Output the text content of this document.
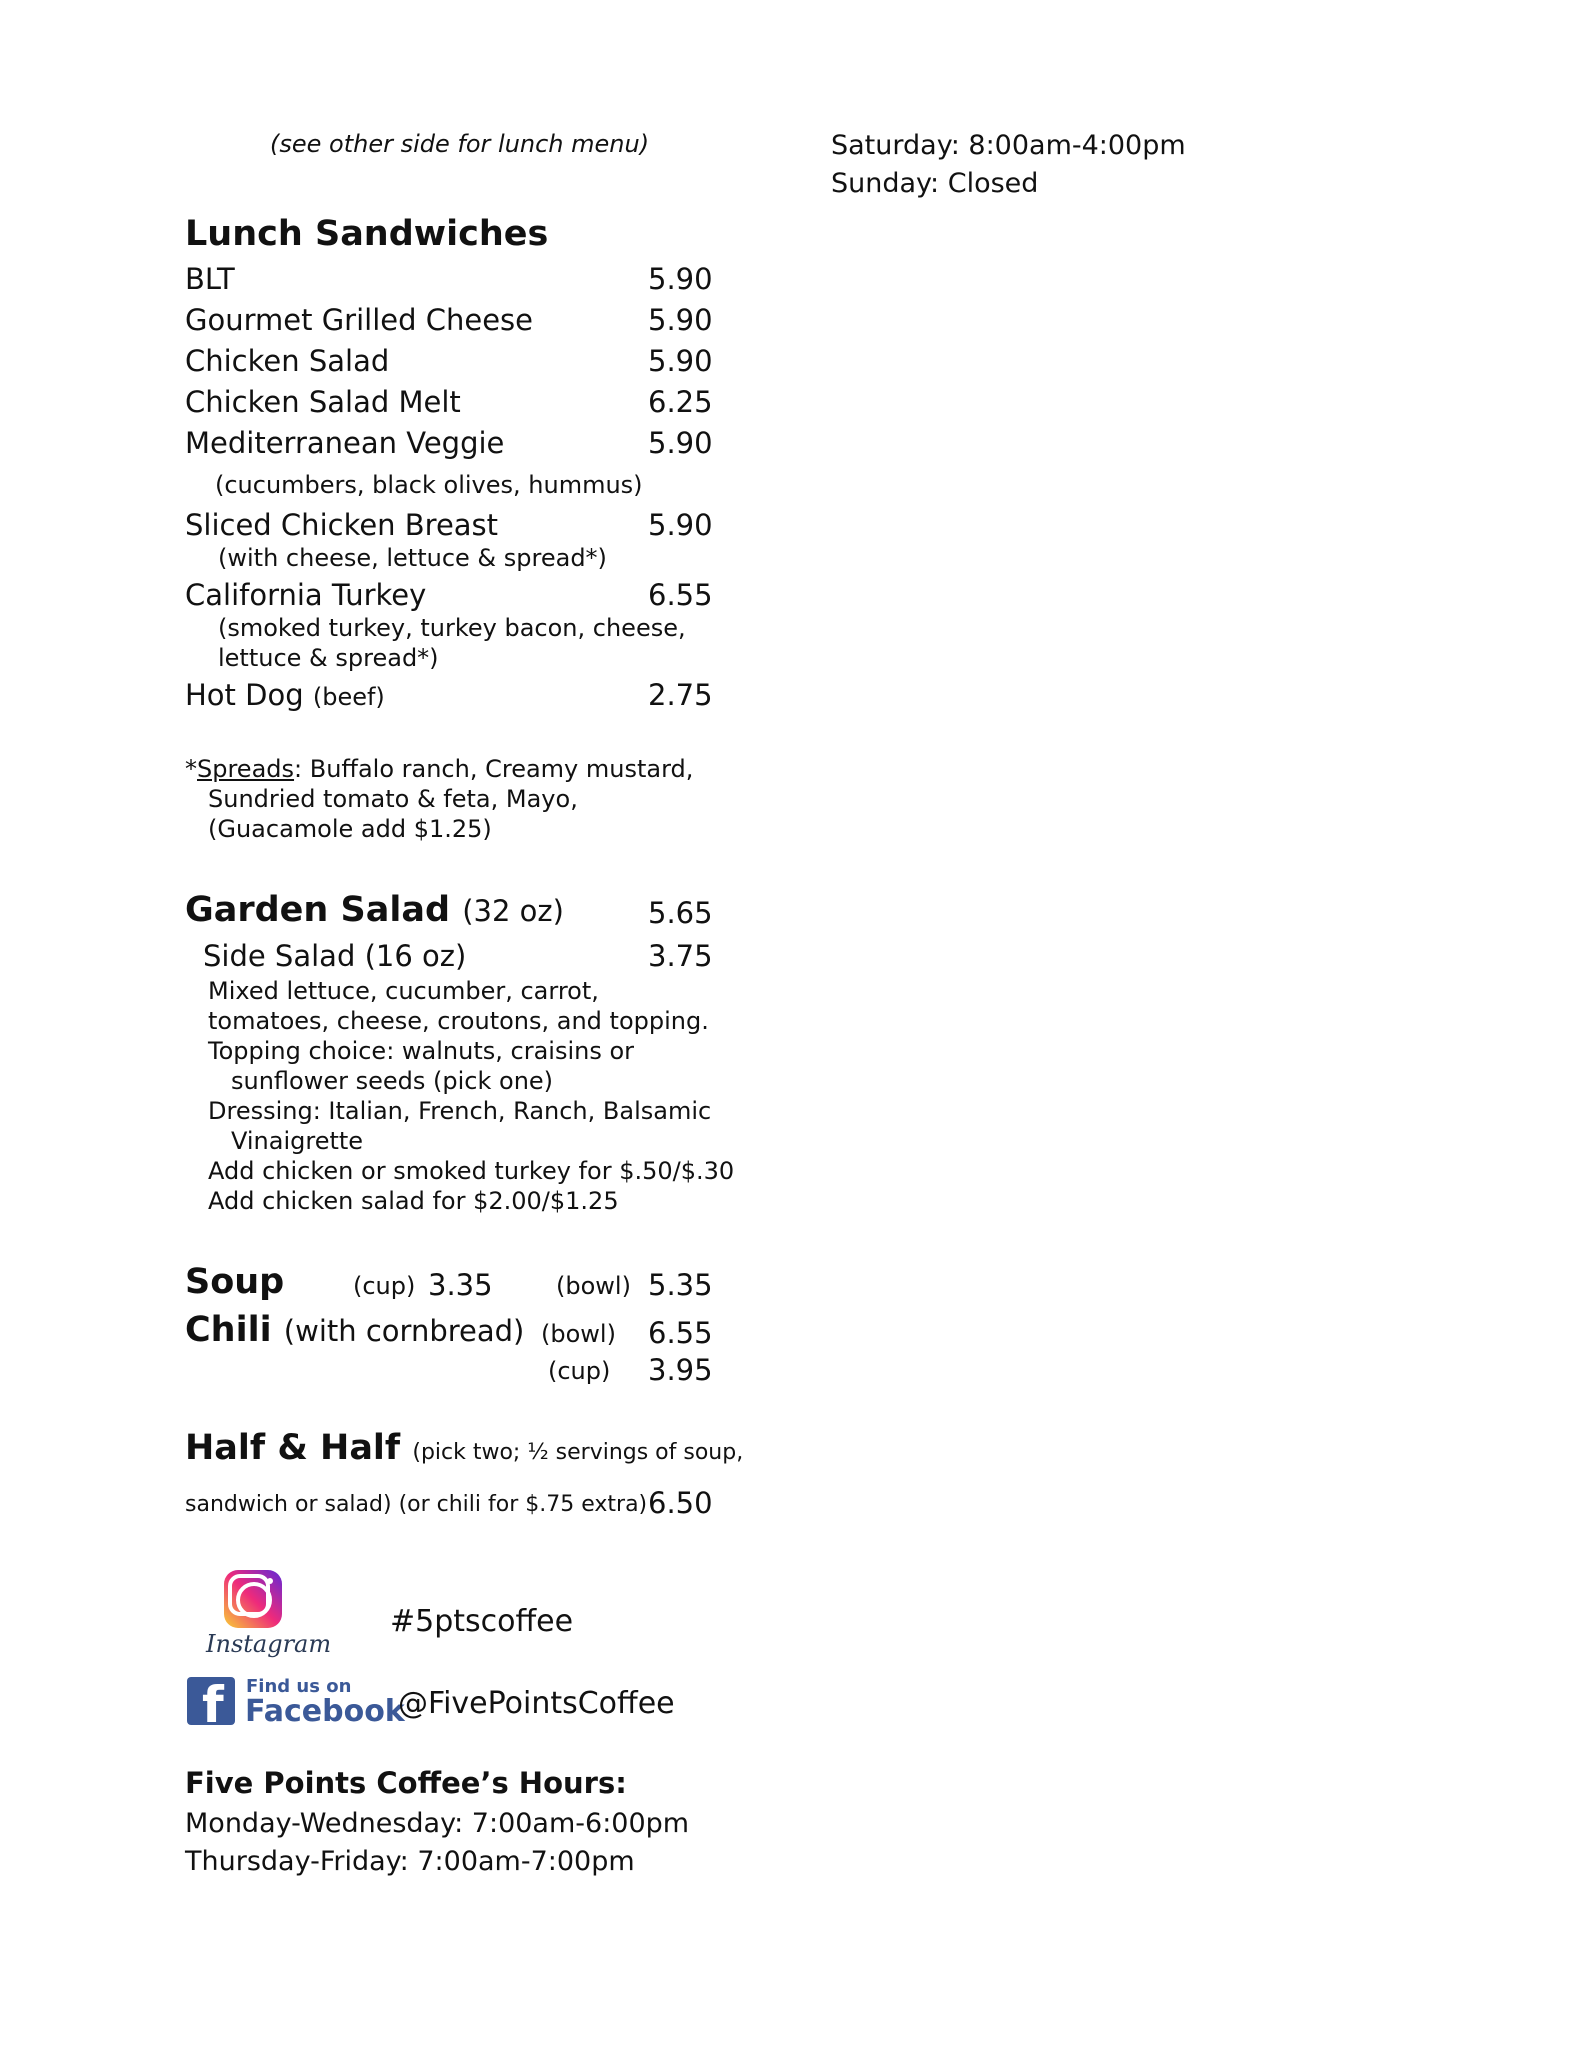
(see other side for lunch menu)	Saturday: 8:00am-4:00pm
Sunday: Closed
Lunch Sandwiches
BLT	5.90
Gourmet Grilled Cheese	5.90
Chicken Salad	5.90
Chicken Salad Melt	6.25
Mediterranean Veggie	5.90
(cucumbers, black olives, hummus)
Sliced Chicken Breast	5.90
(with cheese, lettuce & spread*)
California Turkey	6.55
(smoked turkey, turkey bacon, cheese,
lettuce & spread*)
Hot Dog (beef)	2.75
*Spreads: Buffalo ranch, Creamy mustard,
Sundried tomato & feta, Mayo,
(Guacamole add $1.25)
Garden Salad (32 oz)	5.65
Side Salad (16 oz)	3.75
Mixed lettuce, cucumber, carrot,
tomatoes, cheese, croutons, and topping.
Topping choice: walnuts, craisins or
sunflower seeds (pick one)
Dressing: Italian, French, Ranch, Balsamic
Vinaigrette
Add chicken or smoked turkey for $.50/$.30
Add chicken salad for $2.00/$1.25
Soup	(cup) 3.35	(bowl) 5.35
Chili (with cornbread) (bowl) 6.55
(cup) 3.95
Half & Half (pick two; ½ servings of soup,
sandwich or salad) (or chili for $.75 extra) 6.50
Instagram
#5ptscoffee
f Find us on
Facebook
@FivePointsCoffee
Five Points Coffee’s Hours:
Monday-Wednesday: 7:00am-6:00pm
Thursday-Friday: 7:00am-7:00pm
